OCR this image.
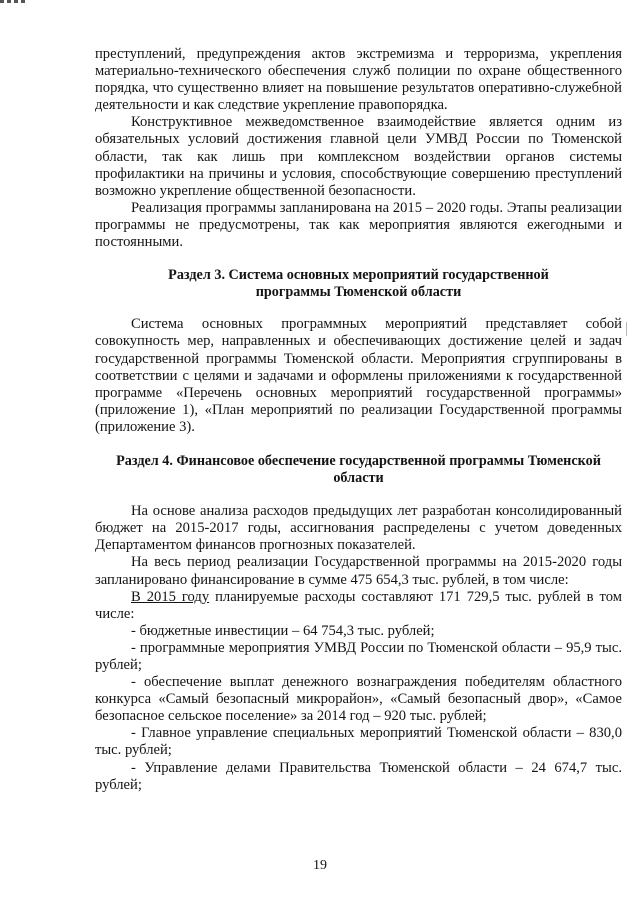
преступлений, предупреждения актов экстремизма и терроризма, укрепления материально-технического обеспечения служб полиции по охране общественного порядка, что существенно влияет на повышение результатов оперативно-служебной деятельности и как следствие укрепление правопорядка.

Конструктивное межведомственное взаимодействие является одним из обязательных условий достижения главной цели УМВД России по Тюменской области, так как лишь при комплексном воздействии органов системы профилактики на причины и условия, способствующие совершению преступлений возможно укрепление общественной безопасности.

Реализация программы запланирована на 2015 – 2020 годы. Этапы реализации программы не предусмотрены, так как мероприятия являются ежегодными и постоянными.

Раздел 3. Система основных мероприятий государственной

программы Тюменской области

Система основных программных мероприятий представляет собой совокупность мер, направленных и обеспечивающих достижение целей и задач государственной программы Тюменской области. Мероприятия сгруппированы в соответствии с целями и задачами и оформлены приложениями к государственной программе «Перечень основных мероприятий государственной программы» (приложение 1), «План мероприятий по реализации Государственной программы (приложение 3).

Раздел 4. Финансовое обеспечение государственной программы Тюменской

области

На основе анализа расходов предыдущих лет разработан консолидированный бюджет на 2015-2017 годы, ассигнования распределены с учетом доведенных Департаментом финансов прогнозных показателей.

На весь период реализации Государственной программы на 2015-2020 годы запланировано финансирование в сумме 475 654,3 тыс. рублей, в том числе:

В 2015 году планируемые расходы составляют 171 729,5 тыс. рублей в том числе:

- бюджетные инвестиции – 64 754,3 тыс. рублей;

- программные мероприятия УМВД России по Тюменской области – 95,9 тыс. рублей;

- обеспечение выплат денежного вознаграждения победителям областного конкурса «Самый безопасный микрорайон», «Самый безопасный двор», «Самое безопасное сельское поселение» за 2014 год – 920 тыс. рублей;

- Главное управление специальных мероприятий Тюменской области – 830,0 тыс. рублей;

- Управление делами Правительства Тюменской области – 24 674,7 тыс. рублей;

19
